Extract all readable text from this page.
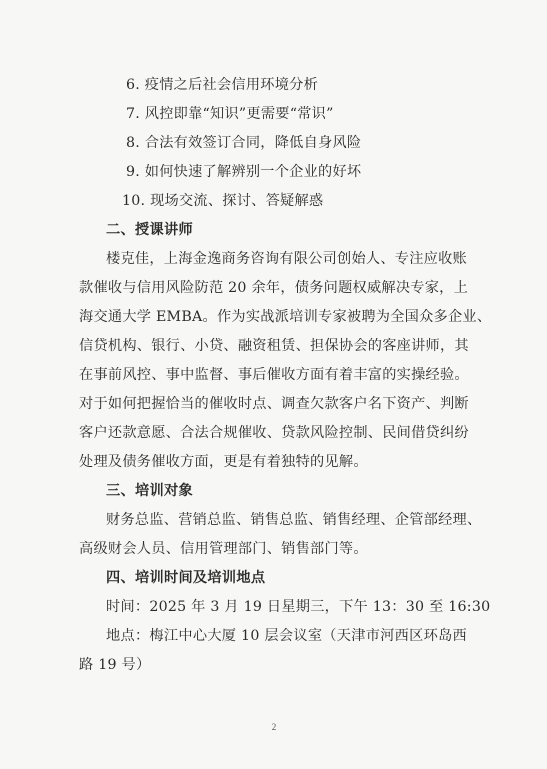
6. 疫情之后社会信用环境分析
7. 风控即靠“知识”更需要“常识”
8. 合法有效签订合同，降低自身风险
9. 如何快速了解辨别一个企业的好坏
10. 现场交流、探讨、答疑解惑
二、授课讲师
楼克佳，上海金逸商务咨询有限公司创始人、专注应收账
款催收与信用风险防范 20 余年，债务问题权威解决专家，上
海交通大学 EMBA。作为实战派培训专家被聘为全国众多企业、
信贷机构、银行、小贷、融资租赁、担保协会的客座讲师，其
在事前风控、事中监督、事后催收方面有着丰富的实操经验。
对于如何把握恰当的催收时点、调查欠款客户名下资产、判断
客户还款意愿、合法合规催收、贷款风险控制、民间借贷纠纷
处理及债务催收方面，更是有着独特的见解。
三、培训对象
财务总监、营销总监、销售总监、销售经理、企管部经理、
高级财会人员、信用管理部门、销售部门等。
四、培训时间及培训地点
时间：2025 年 3 月 19 日星期三，下午 13：30 至 16:30
地点：梅江中心大厦 10 层会议室（天津市河西区环岛西
路 19 号）
2
